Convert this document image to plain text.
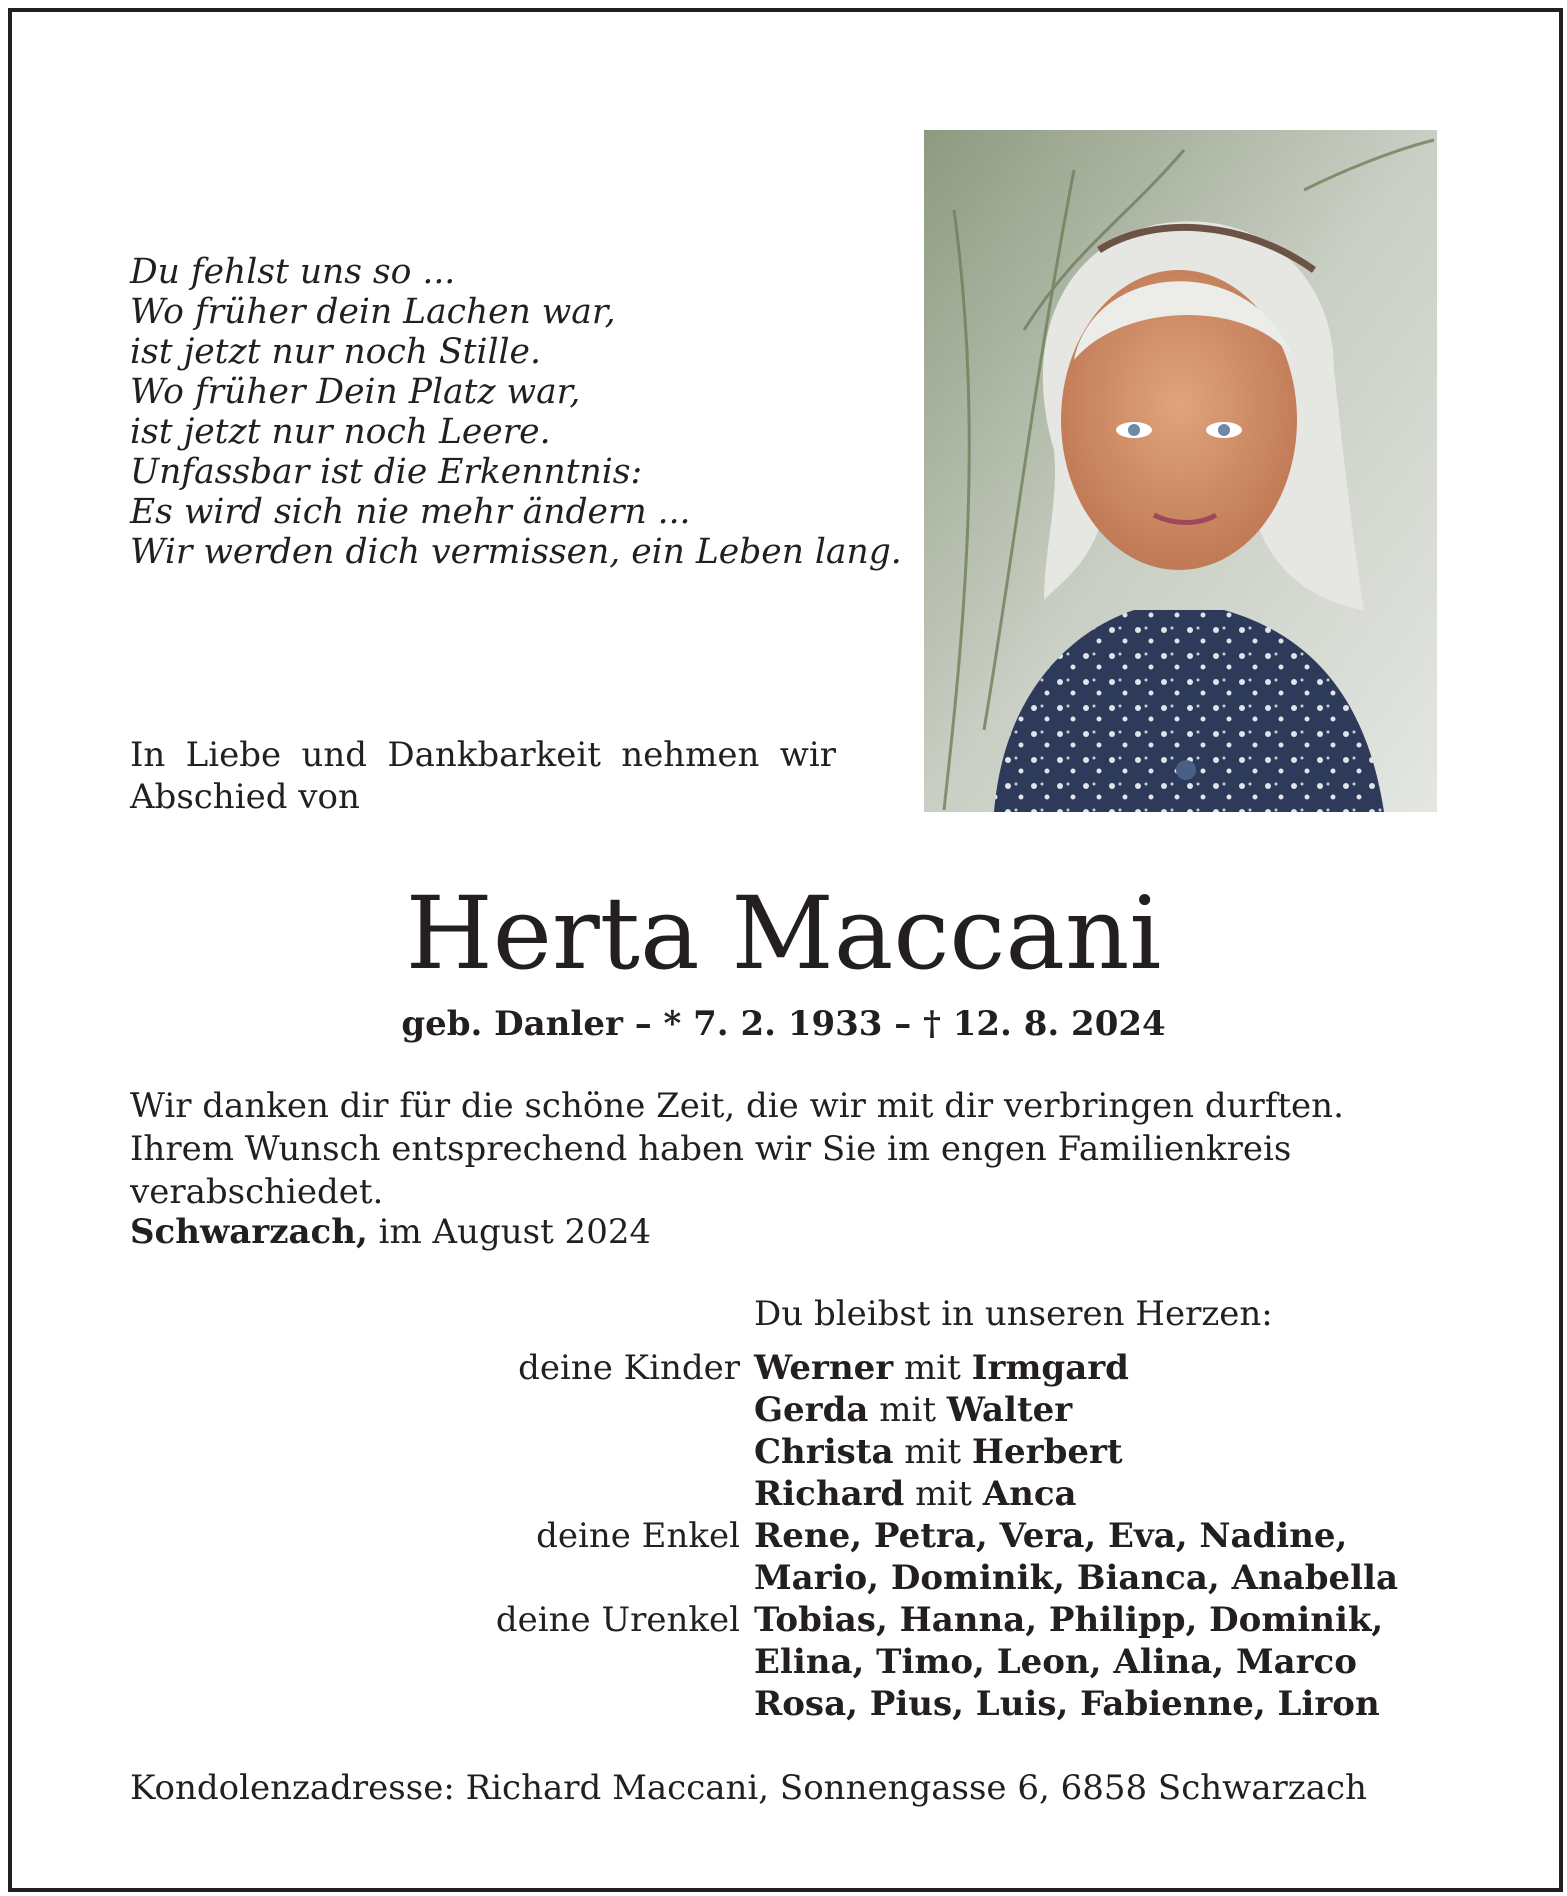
Du fehlst uns so ...
Wo früher dein Lachen war,
ist jetzt nur noch Stille.
Wo früher Dein Platz war,
ist jetzt nur noch Leere.
Unfassbar ist die Erkenntnis:
Es wird sich nie mehr ändern ...
Wir werden dich vermissen, ein Leben lang.
In Liebe und Dankbarkeit nehmen wir Abschied von
Herta Maccani
geb. Danler – * 7. 2. 1933 – † 12. 8. 2024
Wir danken dir für die schöne Zeit, die wir mit dir verbringen durften. Ihrem Wunsch entsprechend haben wir Sie im engen Familienkreis verabschiedet.
Schwarzach, im August 2024
Du bleibst in unseren Herzen:
deine Kinder Werner mit Irmgard
Gerda mit Walter
Christa mit Herbert
Richard mit Anca
deine Enkel Rene, Petra, Vera, Eva, Nadine,
Mario, Dominik, Bianca, Anabella
deine Urenkel Tobias, Hanna, Philipp, Dominik,
Elina, Timo, Leon, Alina, Marco
Rosa, Pius, Luis, Fabienne, Liron
Kondolenzadresse: Richard Maccani, Sonnengasse 6, 6858 Schwarzach
